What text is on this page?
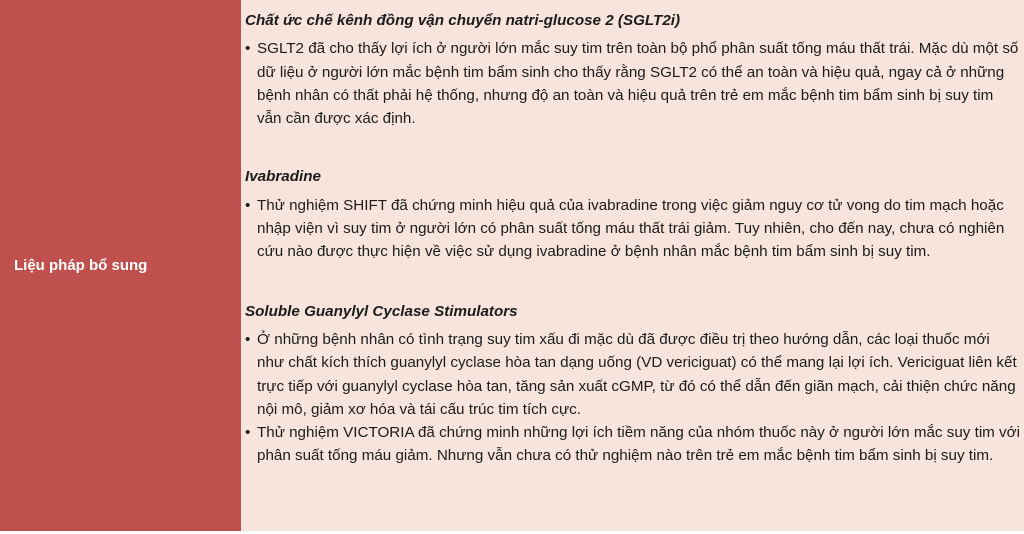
Liệu pháp bổ sung
Chất ức chế kênh đồng vận chuyển natri-glucose 2 (SGLT2i)
• SGLT2 đã cho thấy lợi ích ở người lớn mắc suy tim trên toàn bộ phổ phân suất tống máu thất trái. Mặc dù một số dữ liệu ở người lớn mắc bệnh tim bẩm sinh cho thấy rằng SGLT2 có thể an toàn và hiệu quả, ngay cả ở những bệnh nhân có thất phải hệ thống, nhưng độ an toàn và hiệu quả trên trẻ em mắc bệnh tim bẩm sinh bị suy tim vẫn cần được xác định.
Ivabradine
• Thử nghiệm SHIFT đã chứng minh hiệu quả của ivabradine trong việc giảm nguy cơ tử vong do tim mạch hoặc nhập viện vì suy tim ở người lớn có phân suất tống máu thất trái giảm. Tuy nhiên, cho đến nay, chưa có nghiên cứu nào được thực hiện về việc sử dụng ivabradine ở bệnh nhân mắc bệnh tim bẩm sinh bị suy tim.
Soluble Guanylyl Cyclase Stimulators
• Ở những bệnh nhân có tình trạng suy tim xấu đi mặc dù đã được điều trị theo hướng dẫn, các loại thuốc mới như chất kích thích guanylyl cyclase hòa tan dạng uống (VD vericiguat) có thể mang lại lợi ích. Vericiguat liên kết trực tiếp với guanylyl cyclase hòa tan, tăng sản xuất cGMP, từ đó có thể dẫn đến giãn mạch, cải thiện chức năng nội mô, giảm xơ hóa và tái cấu trúc tim tích cực.
• Thử nghiệm VICTORIA đã chứng minh những lợi ích tiềm năng của nhóm thuốc này ở người lớn mắc suy tim với phân suất tống máu giảm. Nhưng vẫn chưa có thử nghiệm nào trên trẻ em mắc bệnh tim bẩm sinh bị suy tim.
